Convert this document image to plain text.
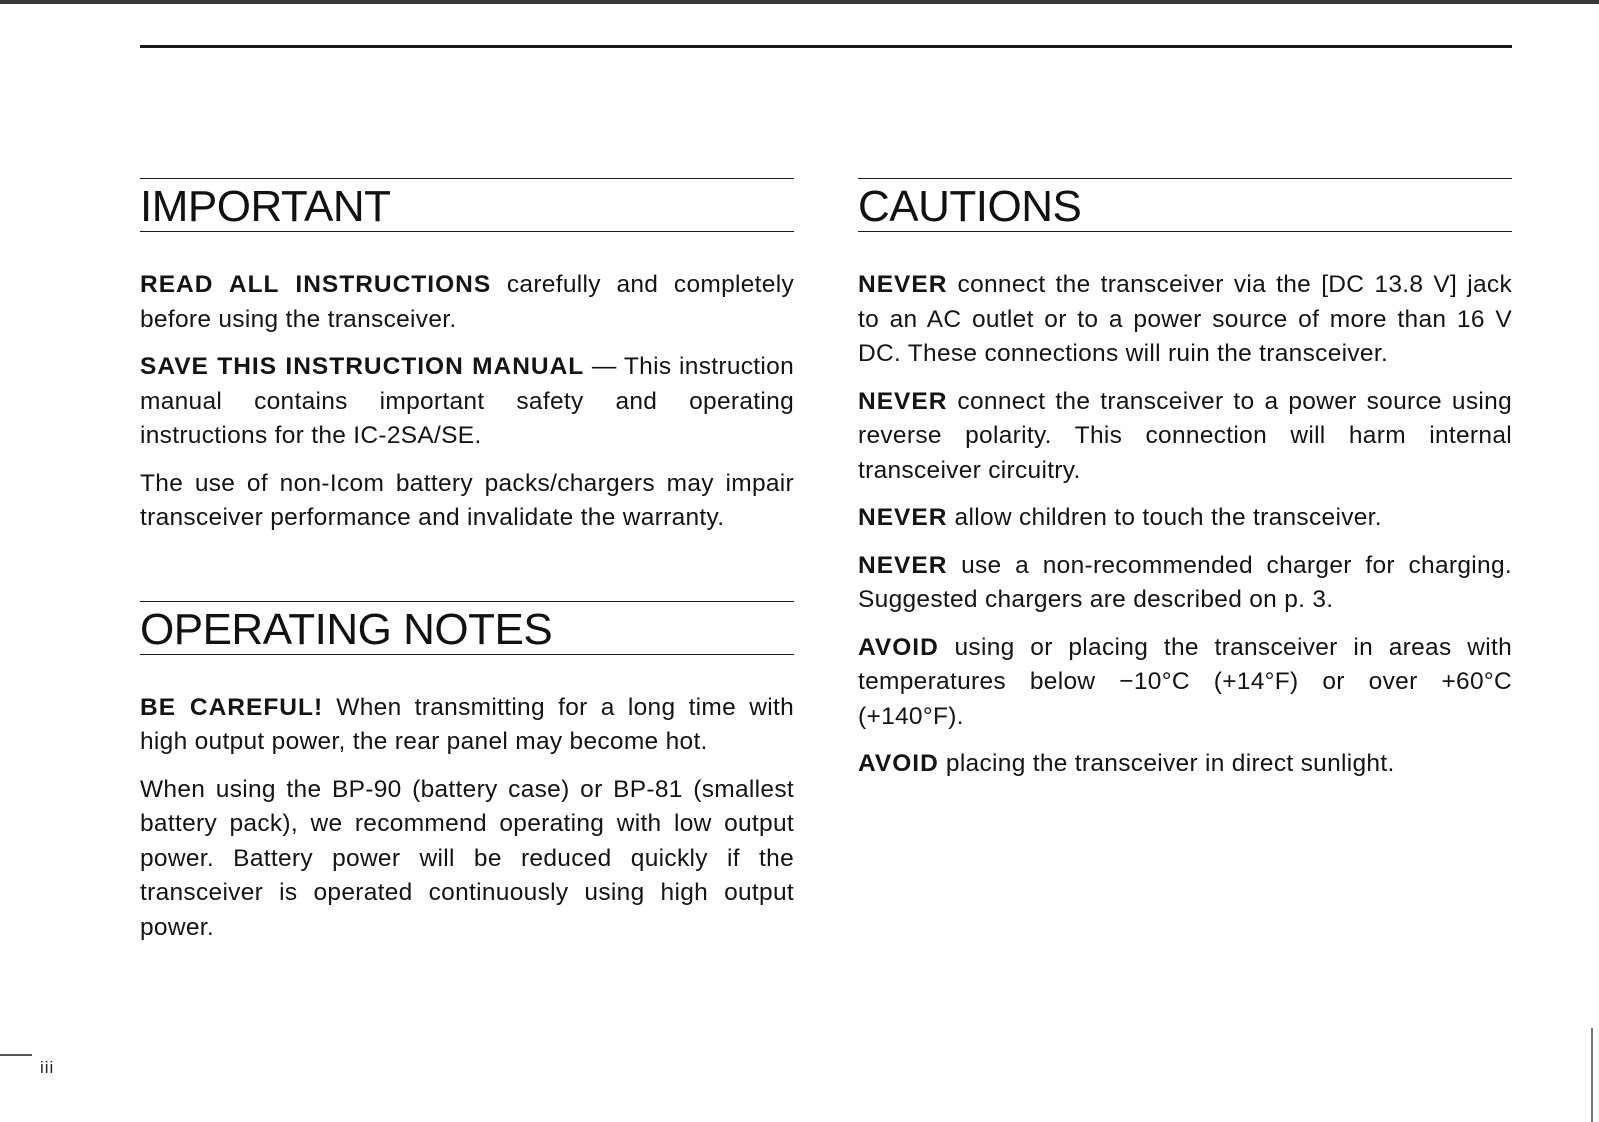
IMPORTANT

READ ALL INSTRUCTIONS carefully and completely before using the transceiver.

SAVE THIS INSTRUCTION MANUAL — This instruction manual contains important safety and operating instructions for the IC-2SA/SE.

The use of non-Icom battery packs/chargers may impair transceiver performance and invalidate the warranty.

OPERATING NOTES

BE CAREFUL! When transmitting for a long time with high output power, the rear panel may become hot.

When using the BP-90 (battery case) or BP-81 (smallest battery pack), we recommend operating with low output power. Battery power will be reduced quickly if the transceiver is operated continuously using high output power.

CAUTIONS

NEVER connect the transceiver via the [DC 13.8 V] jack to an AC outlet or to a power source of more than 16 V DC. These connections will ruin the transceiver.

NEVER connect the transceiver to a power source using reverse polarity. This connection will harm internal transceiver circuitry.

NEVER allow children to touch the transceiver.

NEVER use a non-recommended charger for charging. Suggested chargers are described on p. 3.

AVOID using or placing the transceiver in areas with temperatures below −10°C (+14°F) or over +60°C (+140°F).

AVOID placing the transceiver in direct sunlight.

iii
